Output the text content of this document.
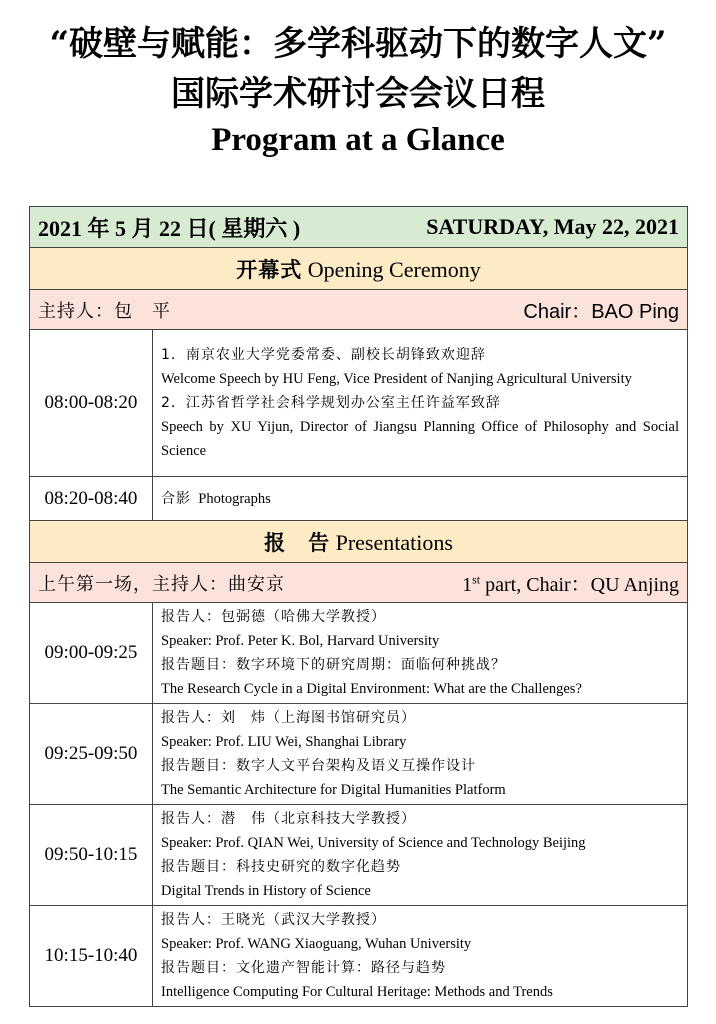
“破壁与赋能：多学科驱动下的数字人文”
国际学术研讨会会议日程
Program at a Glance
2021 年 5 月 22 日( 星期六 ) SATURDAY, May 22, 2021	

开幕式 Opening Ceremony	

主持人：包　平 Chair：BAO Ping	

08:00-08:20	1．南京农业大学党委常委、副校长胡锋致欢迎辞
Welcome Speech by HU Feng, Vice President of Nanjing Agricultural University
2．江苏省哲学社会科学规划办公室主任许益军致辞
Speech by XU Yijun, Director of Jiangsu Planning Office of Philosophy and Social Science

08:20-08:40	合影 Photographs
报　告 Presentations	

上午第一场，主持人：曲安京 1st part, Chair：QU Anjing	

09:00-09:25	报告人：包弼德（哈佛大学教授）
Speaker: Prof. Peter K. Bol, Harvard University
报告题目：数字环境下的研究周期：面临何种挑战？
The Research Cycle in a Digital Environment: What are the Challenges?

09:25-09:50	报告人：刘　炜（上海图书馆研究员）
Speaker: Prof. LIU Wei, Shanghai Library
报告题目：数字人文平台架构及语义互操作设计
The Semantic Architecture for Digital Humanities Platform

09:50-10:15	报告人：潜　伟（北京科技大学教授）
Speaker: Prof. QIAN Wei, University of Science and Technology Beijing
报告题目：科技史研究的数字化趋势
Digital Trends in History of Science

10:15-10:40	报告人：王晓光（武汉大学教授）
Speaker: Prof. WANG Xiaoguang, Wuhan University
报告题目：文化遗产智能计算：路径与趋势
Intelligence Computing For Cultural Heritage: Methods and Trends
